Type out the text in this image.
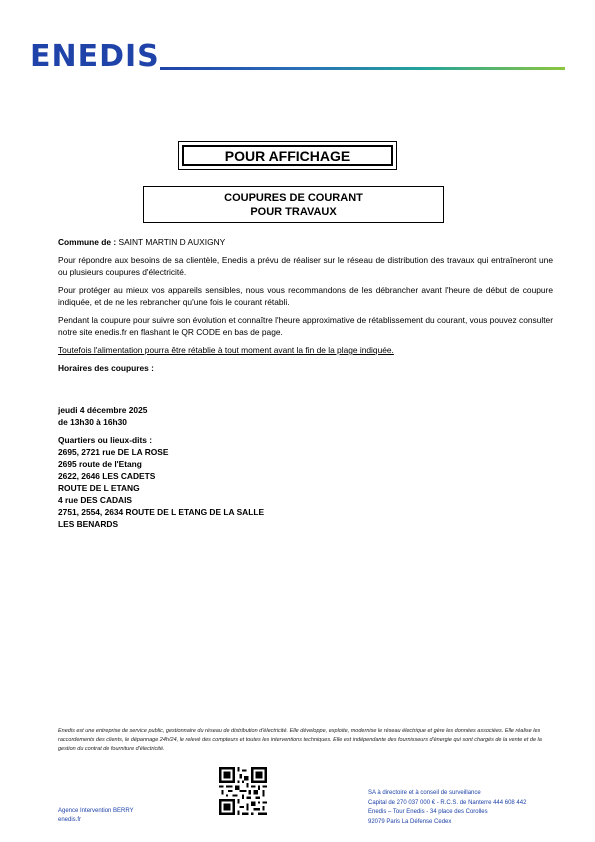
ENEDIS
POUR AFFICHAGE
COUPURES DE COURANT
POUR TRAVAUX

Commune de : SAINT MARTIN D AUXIGNY

Pour répondre aux besoins de sa clientèle, Enedis a prévu de réaliser sur le réseau de distribution des travaux qui entraîneront une ou plusieurs coupures d'électricité.

Pour protéger au mieux vos appareils sensibles, nous vous recommandons de les débrancher avant l'heure de début de coupure indiquée, et de ne les rebrancher qu'une fois le courant rétabli.

Pendant la coupure pour suivre son évolution et connaître l'heure approximative de rétablissement du courant, vous pouvez consulter notre site enedis.fr en flashant le QR CODE en bas de page.

Toutefois l'alimentation pourra être rétablie à tout moment avant la fin de la plage indiquée.

Horaires des coupures :

jeudi 4 décembre 2025
de 13h30 à 16h30
Quartiers ou lieux-dits :
2695, 2721 rue DE LA ROSE
2695 route de l'Etang
2622, 2646 LES CADETS
ROUTE DE L ETANG
4 rue DES CADAIS
2751, 2554, 2634 ROUTE DE L ETANG DE LA SALLE
LES BENARDS
Enedis est une entreprise de service public, gestionnaire du réseau de distribution d'électricité. Elle développe, exploite, modernise le réseau électrique et gère les données associées. Elle réalise les raccordements des clients, le dépannage 24h/24, le relevé des compteurs et toutes les interventions techniques. Elle est indépendante des fournisseurs d'énergie qui sont chargés de la vente et de la gestion du contrat de fourniture d'électricité.
Agence Intervention BERRY
enedis.fr
SA à directoire et à conseil de surveillance
Capital de 270 037 000 € - R.C.S. de Nanterre 444 608 442
Enedis – Tour Enedis - 34 place des Corolles
92079 Paris La Défense Cedex
